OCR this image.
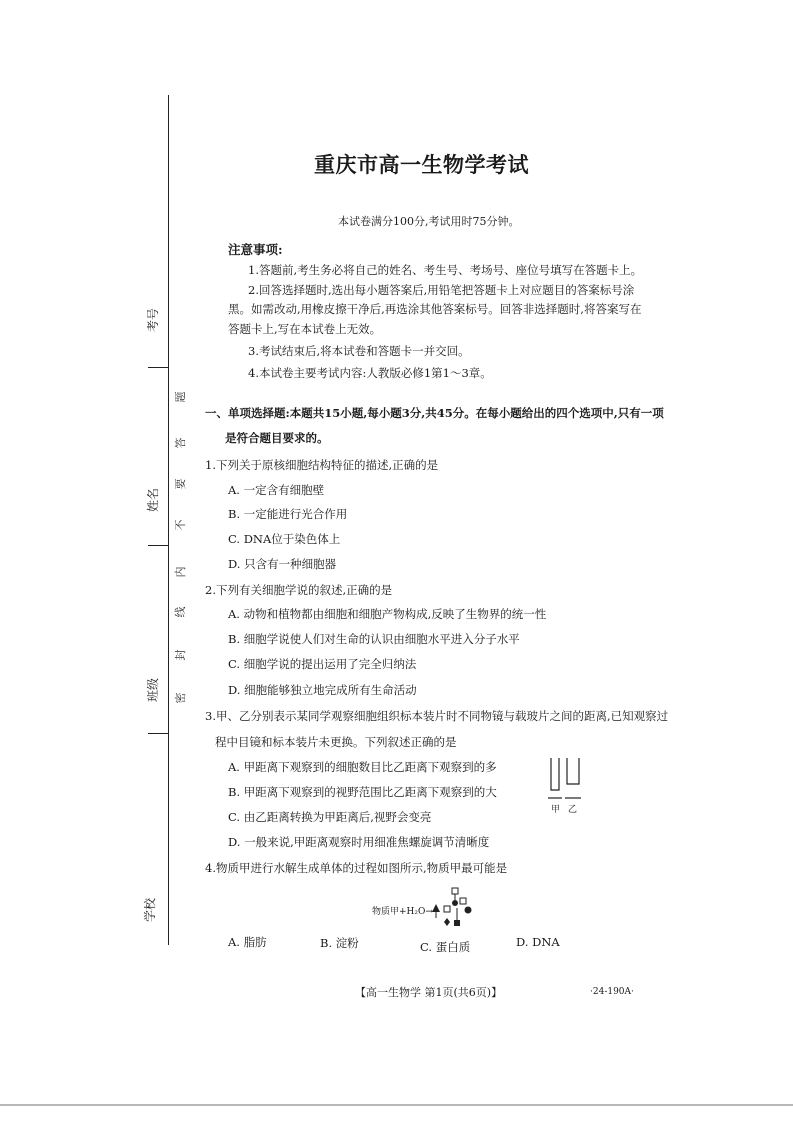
考号
姓名
班级
学校
题
答
要
不
内
线
封
密
重庆市高一生物学考试
本试卷满分100分,考试用时75分钟。
注意事项:
1.答题前,考生务必将自己的姓名、考生号、考场号、座位号填写在答题卡上。
2.回答选择题时,选出每小题答案后,用铅笔把答题卡上对应题目的答案标号涂
黑。如需改动,用橡皮擦干净后,再选涂其他答案标号。回答非选择题时,将答案写在
答题卡上,写在本试卷上无效。
3.考试结束后,将本试卷和答题卡一并交回。
4.本试卷主要考试内容:人教版必修1第1～3章。
一、单项选择题:本题共15小题,每小题3分,共45分。在每小题给出的四个选项中,只有一项
是符合题目要求的。
1.下列关于原核细胞结构特征的描述,正确的是
A. 一定含有细胞壁
B. 一定能进行光合作用
C. DNA位于染色体上
D. 只含有一种细胞器
2.下列有关细胞学说的叙述,正确的是
A. 动物和植物都由细胞和细胞产物构成,反映了生物界的统一性
B. 细胞学说使人们对生命的认识由细胞水平进入分子水平
C. 细胞学说的提出运用了完全归纳法
D. 细胞能够独立地完成所有生命活动
3.甲、乙分别表示某同学观察细胞组织标本装片时不同物镜与载玻片之间的距离,已知观察过
程中目镜和标本装片未更换。下列叙述正确的是
A. 甲距离下观察到的细胞数目比乙距离下观察到的多
B. 甲距离下观察到的视野范围比乙距离下观察到的大
C. 由乙距离转换为甲距离后,视野会变亮
D. 一般来说,甲距离观察时用细准焦螺旋调节清晰度
甲 乙
4.物质甲进行水解生成单体的过程如图所示,物质甲最可能是
物质甲+H₂O→
A. 脂肪	B. 淀粉	C. 蛋白质	D. DNA
【高一生物学 第1页(共6页)】	·24-190A·
